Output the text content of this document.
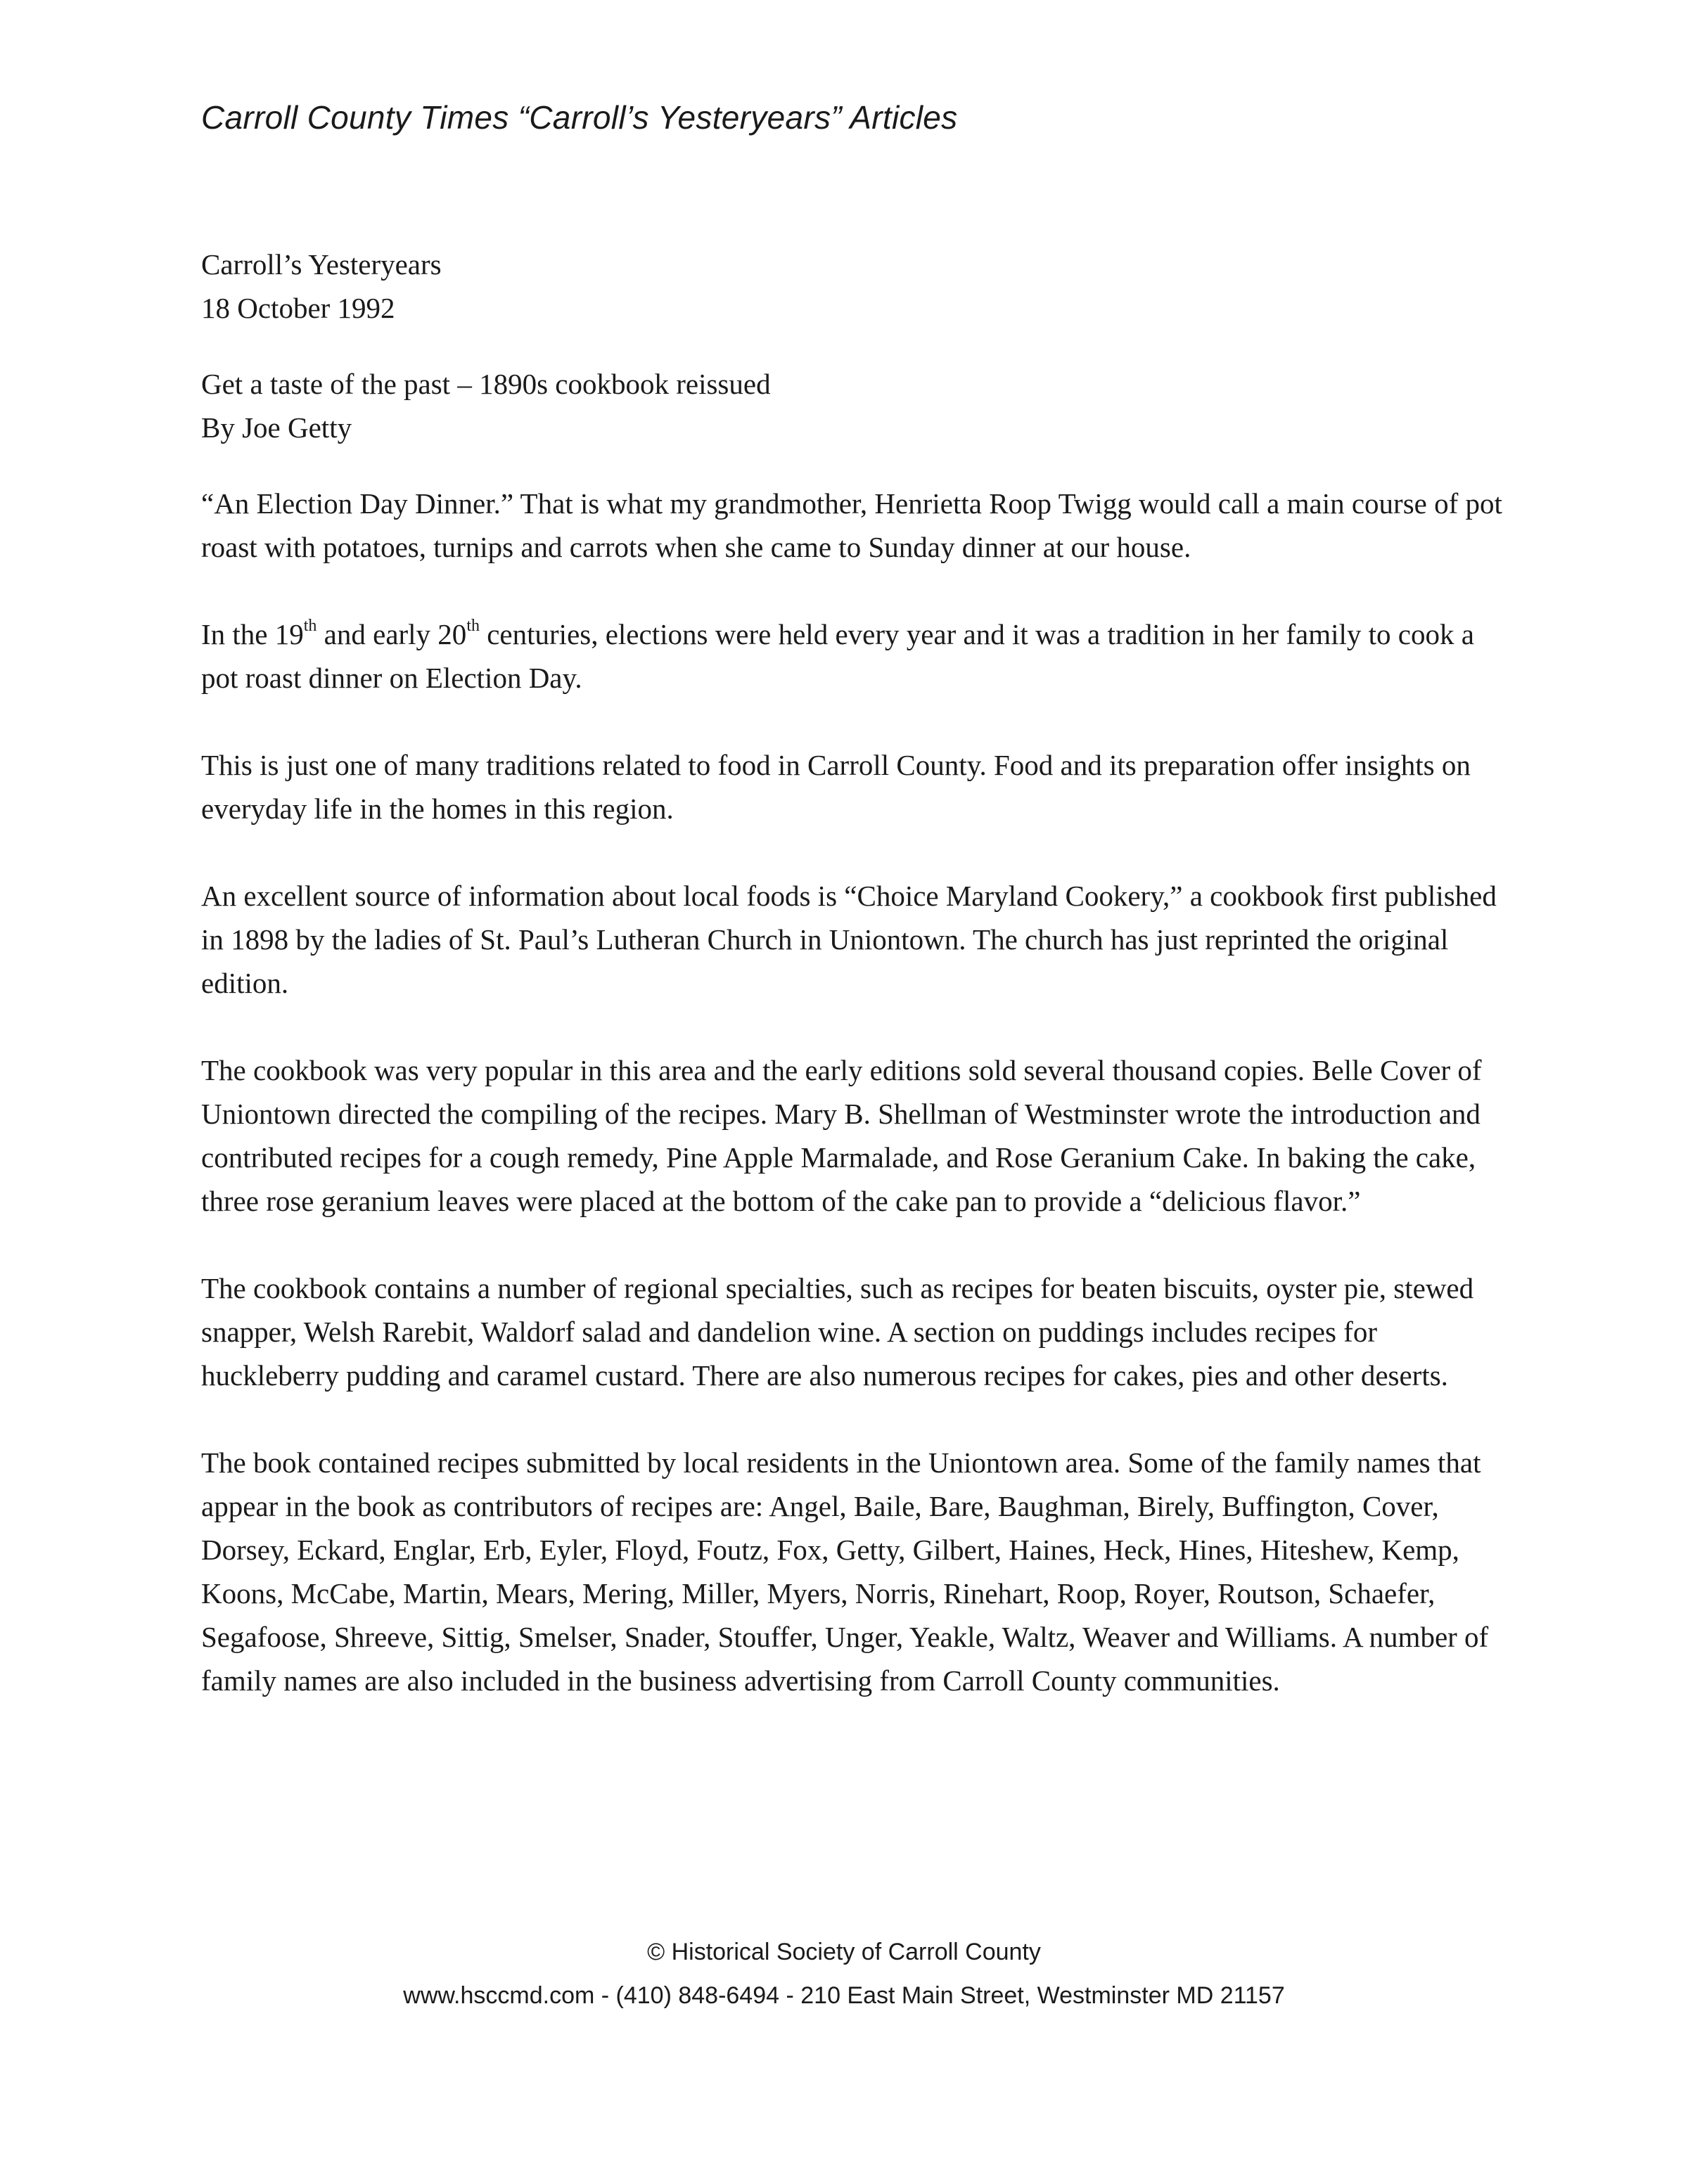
Carroll County Times “Carroll’s Yesteryears” Articles

Carroll’s Yesteryears
18 October 1992

Get a taste of the past – 1890s cookbook reissued
By Joe Getty

“An Election Day Dinner.” That is what my grandmother, Henrietta Roop Twigg would call a main course of pot roast with potatoes, turnips and carrots when she came to Sunday dinner at our house.

In the 19th and early 20th centuries, elections were held every year and it was a tradition in her family to cook a pot roast dinner on Election Day.

This is just one of many traditions related to food in Carroll County. Food and its preparation offer insights on everyday life in the homes in this region.

An excellent source of information about local foods is “Choice Maryland Cookery,” a cookbook first published in 1898 by the ladies of St. Paul’s Lutheran Church in Uniontown. The church has just reprinted the original edition.

The cookbook was very popular in this area and the early editions sold several thousand copies. Belle Cover of Uniontown directed the compiling of the recipes. Mary B. Shellman of Westminster wrote the introduction and contributed recipes for a cough remedy, Pine Apple Marmalade, and Rose Geranium Cake. In baking the cake, three rose geranium leaves were placed at the bottom of the cake pan to provide a “delicious flavor.”

The cookbook contains a number of regional specialties, such as recipes for beaten biscuits, oyster pie, stewed snapper, Welsh Rarebit, Waldorf salad and dandelion wine. A section on puddings includes recipes for huckleberry pudding and caramel custard. There are also numerous recipes for cakes, pies and other deserts.

The book contained recipes submitted by local residents in the Uniontown area. Some of the family names that appear in the book as contributors of recipes are: Angel, Baile, Bare, Baughman, Birely, Buffington, Cover, Dorsey, Eckard, Englar, Erb, Eyler, Floyd, Foutz, Fox, Getty, Gilbert, Haines, Heck, Hines, Hiteshew, Kemp, Koons, McCabe, Martin, Mears, Mering, Miller, Myers, Norris, Rinehart, Roop, Royer, Routson, Schaefer, Segafoose, Shreeve, Sittig, Smelser, Snader, Stouffer, Unger, Yeakle, Waltz, Weaver and Williams. A number of family names are also included in the business advertising from Carroll County communities.

© Historical Society of Carroll County
www.hsccmd.com - (410) 848-6494 - 210 East Main Street, Westminster MD 21157
